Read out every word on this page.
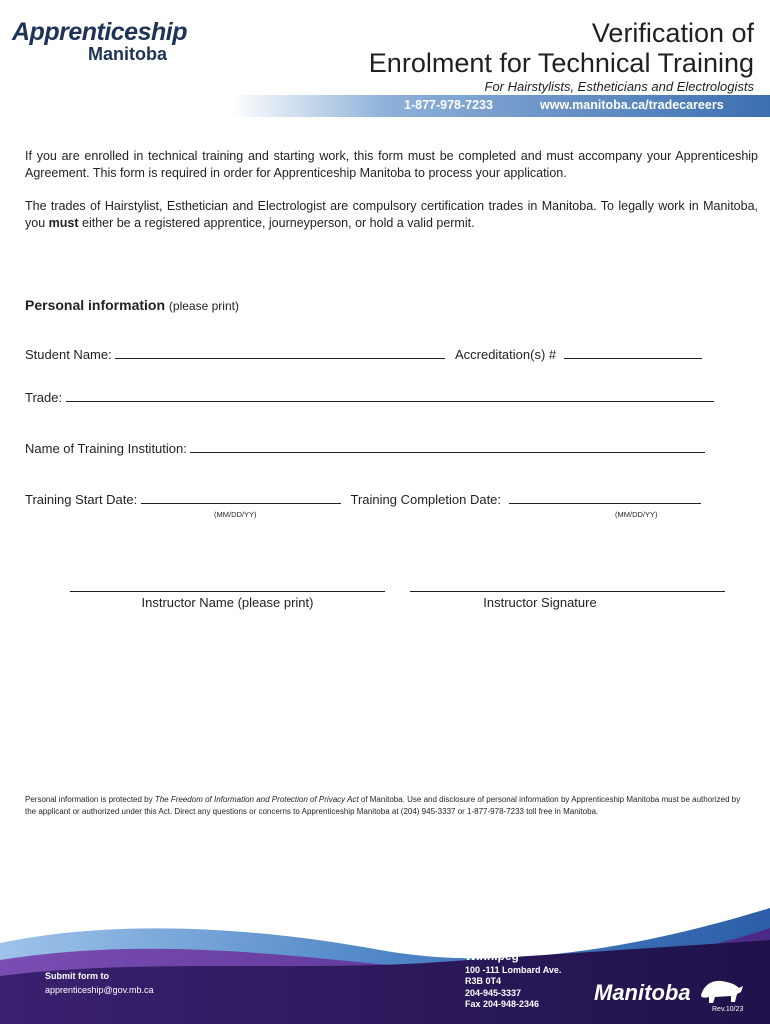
Apprenticeship
Manitoba
Verification of
Enrolment for Technical Training
For Hairstylists, Estheticians and Electrologists
1-877-978-7233	www.manitoba.ca/tradecareers

If you are enrolled in technical training and starting work, this form must be completed and must accompany your Apprenticeship Agreement. This form is required in order for Apprenticeship Manitoba to process your application.

The trades of Hairstylist, Esthetician and Electrologist are compulsory certification trades in Manitoba. To legally work in Manitoba, you must either be a registered apprentice, journeyperson, or hold a valid permit.

Personal information (please print)
Student Name:	Accreditation(s) #
Trade:
Name of Training Institution:
Training Start Date:	Training Completion Date:
(MM/DD/YY)	(MM/DD/YY)
Instructor Name (please print)	Instructor Signature

Personal information is protected by The Freedom of Information and Protection of Privacy Act of Manitoba. Use and disclosure of personal information by Apprenticeship Manitoba must be authorized by the applicant or authorized under this Act. Direct any questions or concerns to Apprenticeship Manitoba at (204) 945-3337 or 1-877-978-7233 toll free in Manitoba.

Submit form to
apprenticeship@gov.mb.ca
Winnipeg
100 -111 Lombard Ave.
R3B 0T4
204-945-3337
Fax 204-948-2346 Manitoba
Rev.10/23
